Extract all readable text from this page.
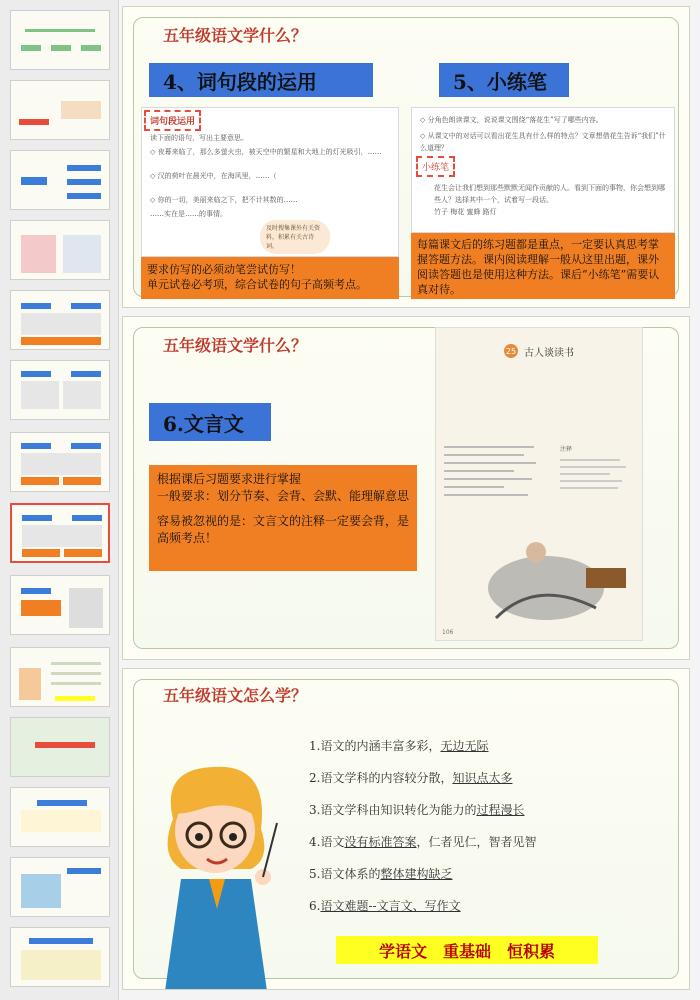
五年级语文学什么？
4、词句段的运用	5、小练笔
词句段运用
读下面的语句，写出主要意思。
◇ 夜幕来临了，那么多萤火虫，被天空中的繁星和大地上的灯光吸引，……
◇ 汉的荷叶在晨光中，在海风里，……（
◇ 你的一切，美丽来临之下，把不计其数的……
……实在是……的事情。
及时搜集课外有关资料，积累有关古诗词。
要求仿写的必须动笔尝试仿写！
单元试卷必考项，综合试卷的句子高频考点。
◇ 分角色朗读课文，说说课文围绕“落花生”写了哪些内容。
◇ 从课文中的对话可以看出花生具有什么样的特点？文章想借花生告诉“我们”什么道理？
小练笔
花生会让我们想到那些默默无闻作贡献的人。看到下面的事物，你会想到哪些人？选择其中一个，试着写一段话。
竹子 梅花 蜜蜂 路灯
每篇课文后的练习题都是重点，一定要认真思考掌握答题方法。课内阅读理解一般从这里出题，课外阅读答题也是使用这种方法。课后“小练笔”需要认真对待。
五年级语文学什么？
6.文言文
根据课后习题要求进行掌握
一般要求：划分节奏、会背、会默、能理解意思
容易被忽视的是：文言文的注释一定要会背，是高频考点！
25 古人谈读书
注释
106
五年级语文怎么学？
1.语文的内涵丰富多彩，无边无际
2.语文学科的内容较分散，知识点太多
3.语文学科由知识转化为能力的过程漫长
4.语文没有标准答案，仁者见仁，智者见智
5.语文体系的整体建构缺乏
6.语文难题--文言文、写作文
学语文　重基础　恒积累
